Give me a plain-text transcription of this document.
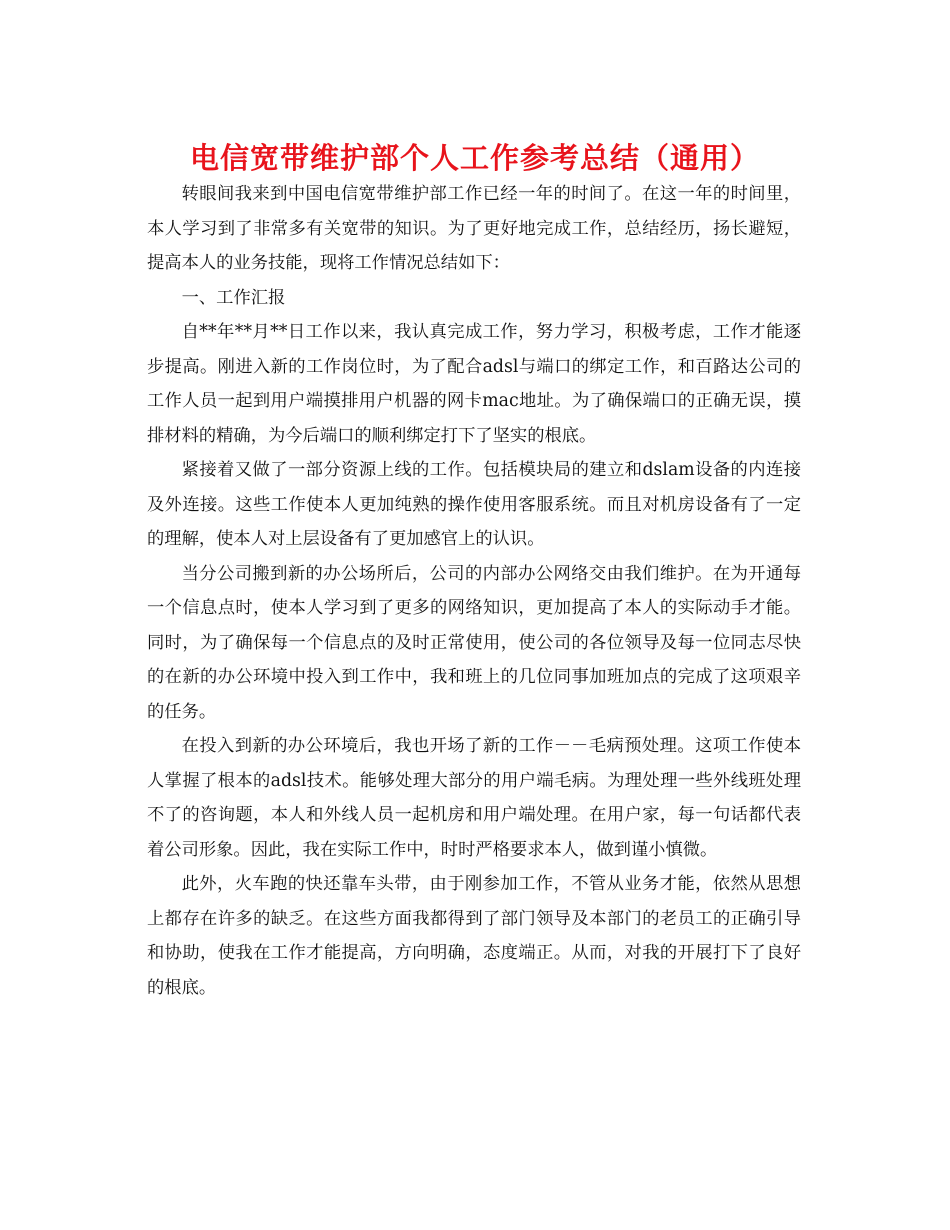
电信宽带维护部个人工作参考总结（通用）

转眼间我来到中国电信宽带维护部工作已经一年的时间了。在这一年的时间里，本人学习到了非常多有关宽带的知识。为了更好地完成工作，总结经历，扬长避短，提高本人的业务技能，现将工作情况总结如下：

一、工作汇报

自**年**月**日工作以来，我认真完成工作，努力学习，积极考虑，工作才能逐步提高。刚进入新的工作岗位时，为了配合adsl与端口的绑定工作，和百路达公司的工作人员一起到用户端摸排用户机器的网卡mac地址。为了确保端口的正确无误，摸排材料的精确，为今后端口的顺利绑定打下了坚实的根底。

紧接着又做了一部分资源上线的工作。包括模块局的建立和dslam设备的内连接及外连接。这些工作使本人更加纯熟的操作使用客服系统。而且对机房设备有了一定的理解，使本人对上层设备有了更加感官上的认识。

当分公司搬到新的办公场所后，公司的内部办公网络交由我们维护。在为开通每一个信息点时，使本人学习到了更多的网络知识，更加提高了本人的实际动手才能。同时，为了确保每一个信息点的及时正常使用，使公司的各位领导及每一位同志尽快的在新的办公环境中投入到工作中，我和班上的几位同事加班加点的完成了这项艰辛的任务。

在投入到新的办公环境后，我也开场了新的工作－－毛病预处理。这项工作使本人掌握了根本的adsl技术。能够处理大部分的用户端毛病。为理处理一些外线班处理不了的咨询题，本人和外线人员一起机房和用户端处理。在用户家，每一句话都代表着公司形象。因此，我在实际工作中，时时严格要求本人，做到谨小慎微。

此外，火车跑的快还靠车头带，由于刚参加工作，不管从业务才能，依然从思想上都存在许多的缺乏。在这些方面我都得到了部门领导及本部门的老员工的正确引导和协助，使我在工作才能提高，方向明确，态度端正。从而，对我的开展打下了良好的根底。
